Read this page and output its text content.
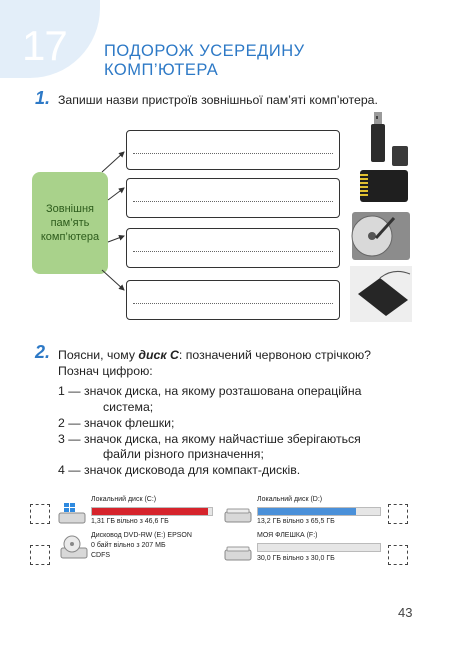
17 ПОДОРОЖ УСЕРЕДИНУ
КОМП’ЮТЕРА
1. Запиши назви пристроїв зовнішньої пам’яті комп’ютера.
Зовнішня
пам’ять
комп’ютера
2. Поясни, чому диск С: позначений червоною стрічкою?
Познач цифрою:
1 — значок диска, на якому розташована операційна
система;
2 — значок флешки;
3 — значок диска, на якому найчастіше зберігаються
файли різного призначення;
4 — значок дисковода для компакт-дисків.
Локальний диск (C:)
1,31 ГБ вільно з 46,6 ГБ
Локальний диск (D:)
13,2 ГБ вільно з 65,5 ГБ
Дисковод DVD-RW (E:) EPSON
0 байт вільно з 207 МБ
CDFS
МОЯ ФЛЕШКА (F:)
30,0 ГБ вільно з 30,0 ГБ
43
